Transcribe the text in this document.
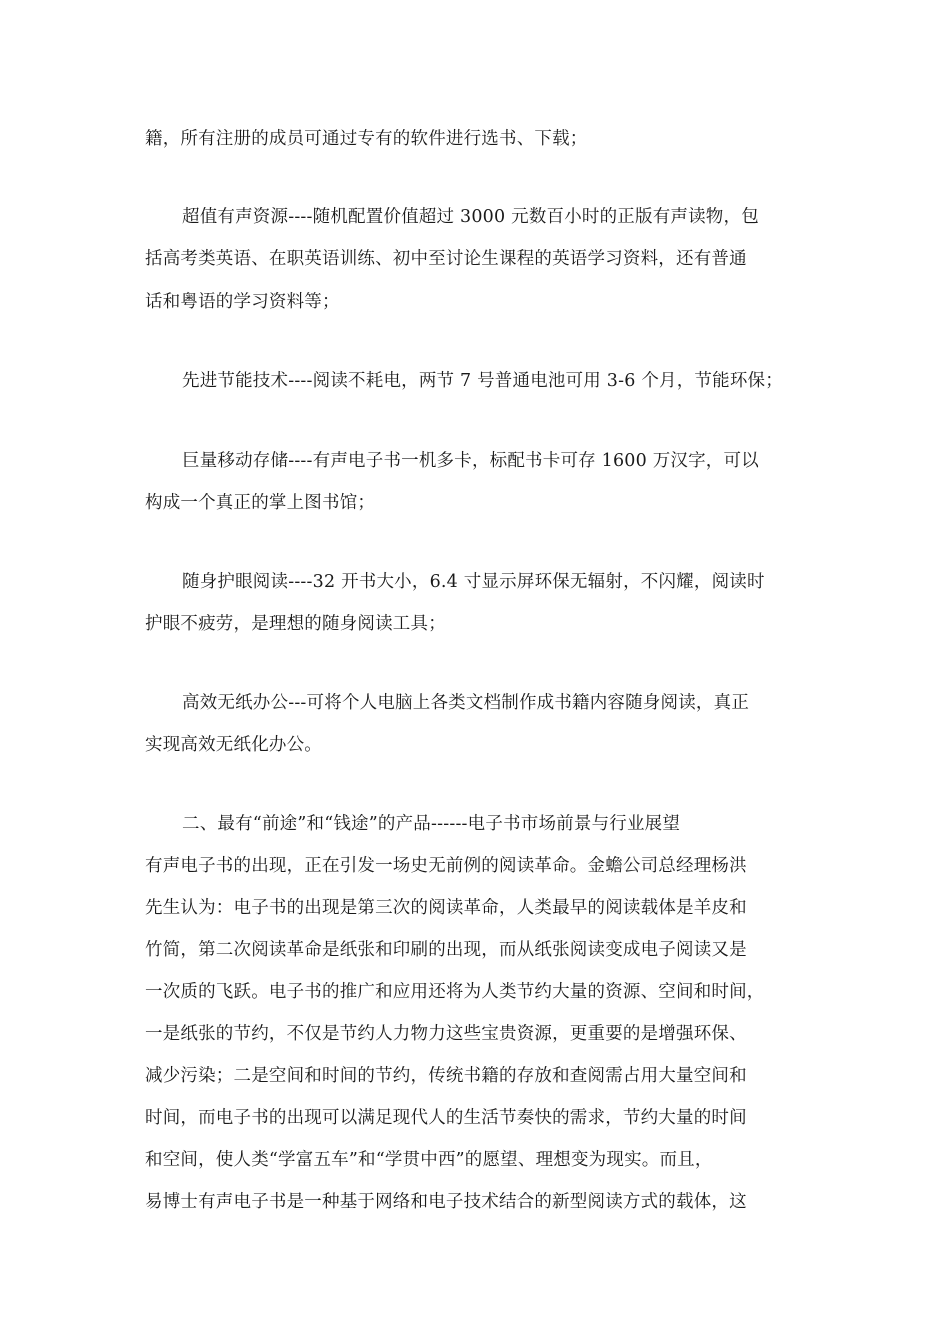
籍，所有注册的成员可通过专有的软件进行选书、下载；
超值有声资源----随机配置价值超过 3000 元数百小时的正版有声读物，包
括高考类英语、在职英语训练、初中至讨论生课程的英语学习资料，还有普通
话和粤语的学习资料等；
先进节能技术----阅读不耗电，两节 7 号普通电池可用 3-6 个月，节能环保；
巨量移动存储----有声电子书一机多卡，标配书卡可存 1600 万汉字，可以
构成一个真正的掌上图书馆；
随身护眼阅读----32 开书大小，6.4 寸显示屏环保无辐射，不闪耀，阅读时
护眼不疲劳，是理想的随身阅读工具；
高效无纸办公---可将个人电脑上各类文档制作成书籍内容随身阅读，真正
实现高效无纸化办公。
二、最有“前途”和“钱途”的产品------电子书市场前景与行业展望
有声电子书的出现，正在引发一场史无前例的阅读革命。金蟾公司总经理杨洪
先生认为：电子书的出现是第三次的阅读革命，人类最早的阅读载体是羊皮和
竹简，第二次阅读革命是纸张和印刷的出现，而从纸张阅读变成电子阅读又是
一次质的飞跃。电子书的推广和应用还将为人类节约大量的资源、空间和时间，
一是纸张的节约，不仅是节约人力物力这些宝贵资源，更重要的是增强环保、
减少污染；二是空间和时间的节约，传统书籍的存放和查阅需占用大量空间和
时间，而电子书的出现可以满足现代人的生活节奏快的需求，节约大量的时间
和空间，使人类“学富五车”和“学贯中西”的愿望、理想变为现实。而且，
易博士有声电子书是一种基于网络和电子技术结合的新型阅读方式的载体，这
